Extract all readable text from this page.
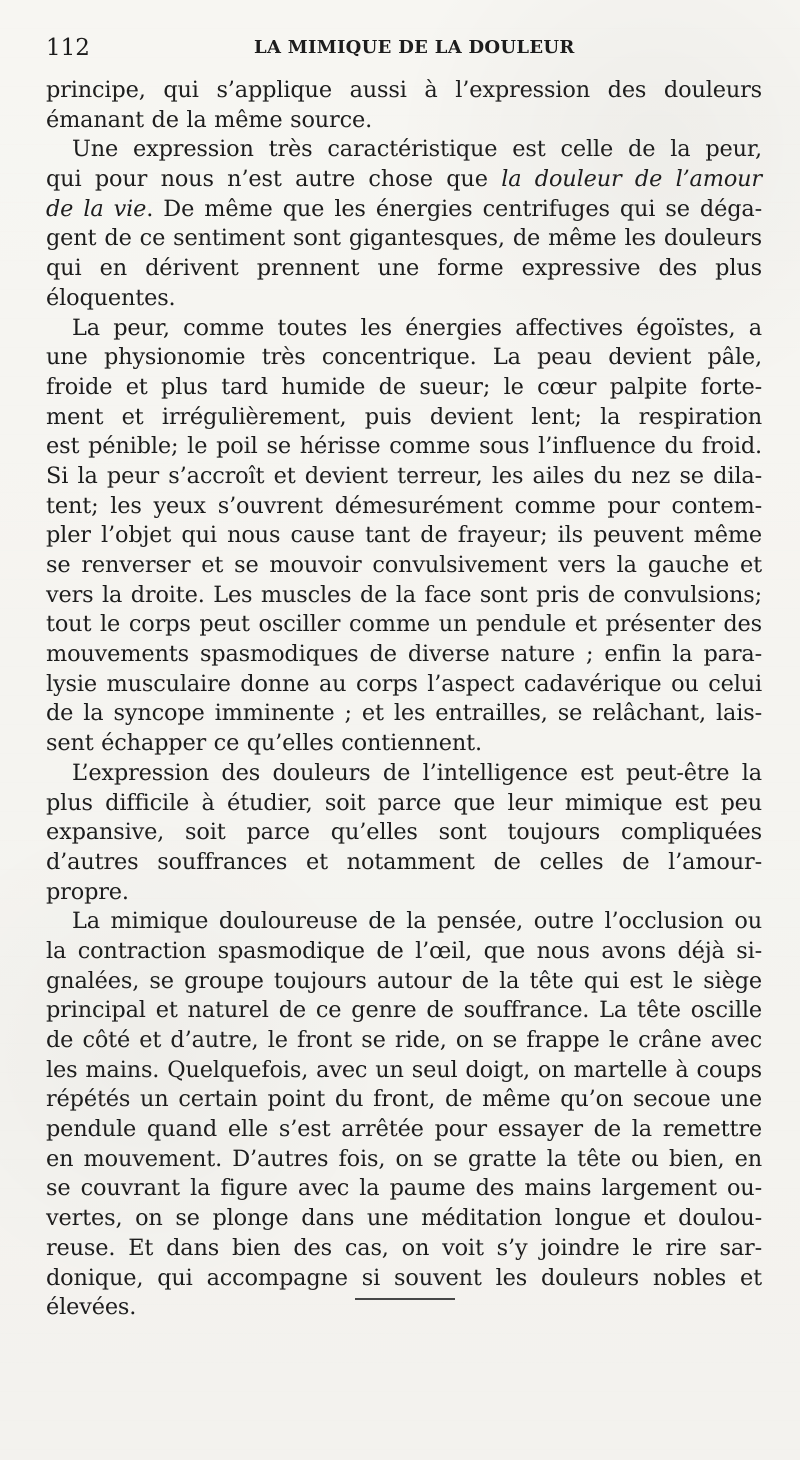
112	LA MIMIQUE DE LA DOULEUR
principe, qui s’applique aussi à l’expression des douleurs
émanant de la même source.
Une expression très caractéristique est celle de la peur,
qui pour nous n’est autre chose que la douleur de l’amour
de la vie. De même que les énergies centrifuges qui se déga-
gent de ce sentiment sont gigantesques, de même les douleurs
qui en dérivent prennent une forme expressive des plus
éloquentes.
La peur, comme toutes les énergies affectives égoïstes, a
une physionomie très concentrique. La peau devient pâle,
froide et plus tard humide de sueur; le cœur palpite forte-
ment et irrégulièrement, puis devient lent; la respiration
est pénible; le poil se hérisse comme sous l’influence du froid.
Si la peur s’accroît et devient terreur, les ailes du nez se dila-
tent; les yeux s’ouvrent démesurément comme pour contem-
pler l’objet qui nous cause tant de frayeur; ils peuvent même
se renverser et se mouvoir convulsivement vers la gauche et
vers la droite. Les muscles de la face sont pris de convulsions;
tout le corps peut osciller comme un pendule et présenter des
mouvements spasmodiques de diverse nature ; enfin la para-
lysie musculaire donne au corps l’aspect cadavérique ou celui
de la syncope imminente ; et les entrailles, se relâchant, lais-
sent échapper ce qu’elles contiennent.
L’expression des douleurs de l’intelligence est peut-être la
plus difficile à étudier, soit parce que leur mimique est peu
expansive, soit parce qu’elles sont toujours compliquées
d’autres souffrances et notamment de celles de l’amour-
propre.
La mimique douloureuse de la pensée, outre l’occlusion ou
la contraction spasmodique de l’œil, que nous avons déjà si-
gnalées, se groupe toujours autour de la tête qui est le siège
principal et naturel de ce genre de souffrance. La tête oscille
de côté et d’autre, le front se ride, on se frappe le crâne avec
les mains. Quelquefois, avec un seul doigt, on martelle à coups
répétés un certain point du front, de même qu’on secoue une
pendule quand elle s’est arrêtée pour essayer de la remettre
en mouvement. D’autres fois, on se gratte la tête ou bien, en
se couvrant la figure avec la paume des mains largement ou-
vertes, on se plonge dans une méditation longue et doulou-
reuse. Et dans bien des cas, on voit s’y joindre le rire sar-
donique, qui accompagne si souvent les douleurs nobles et
élevées.
